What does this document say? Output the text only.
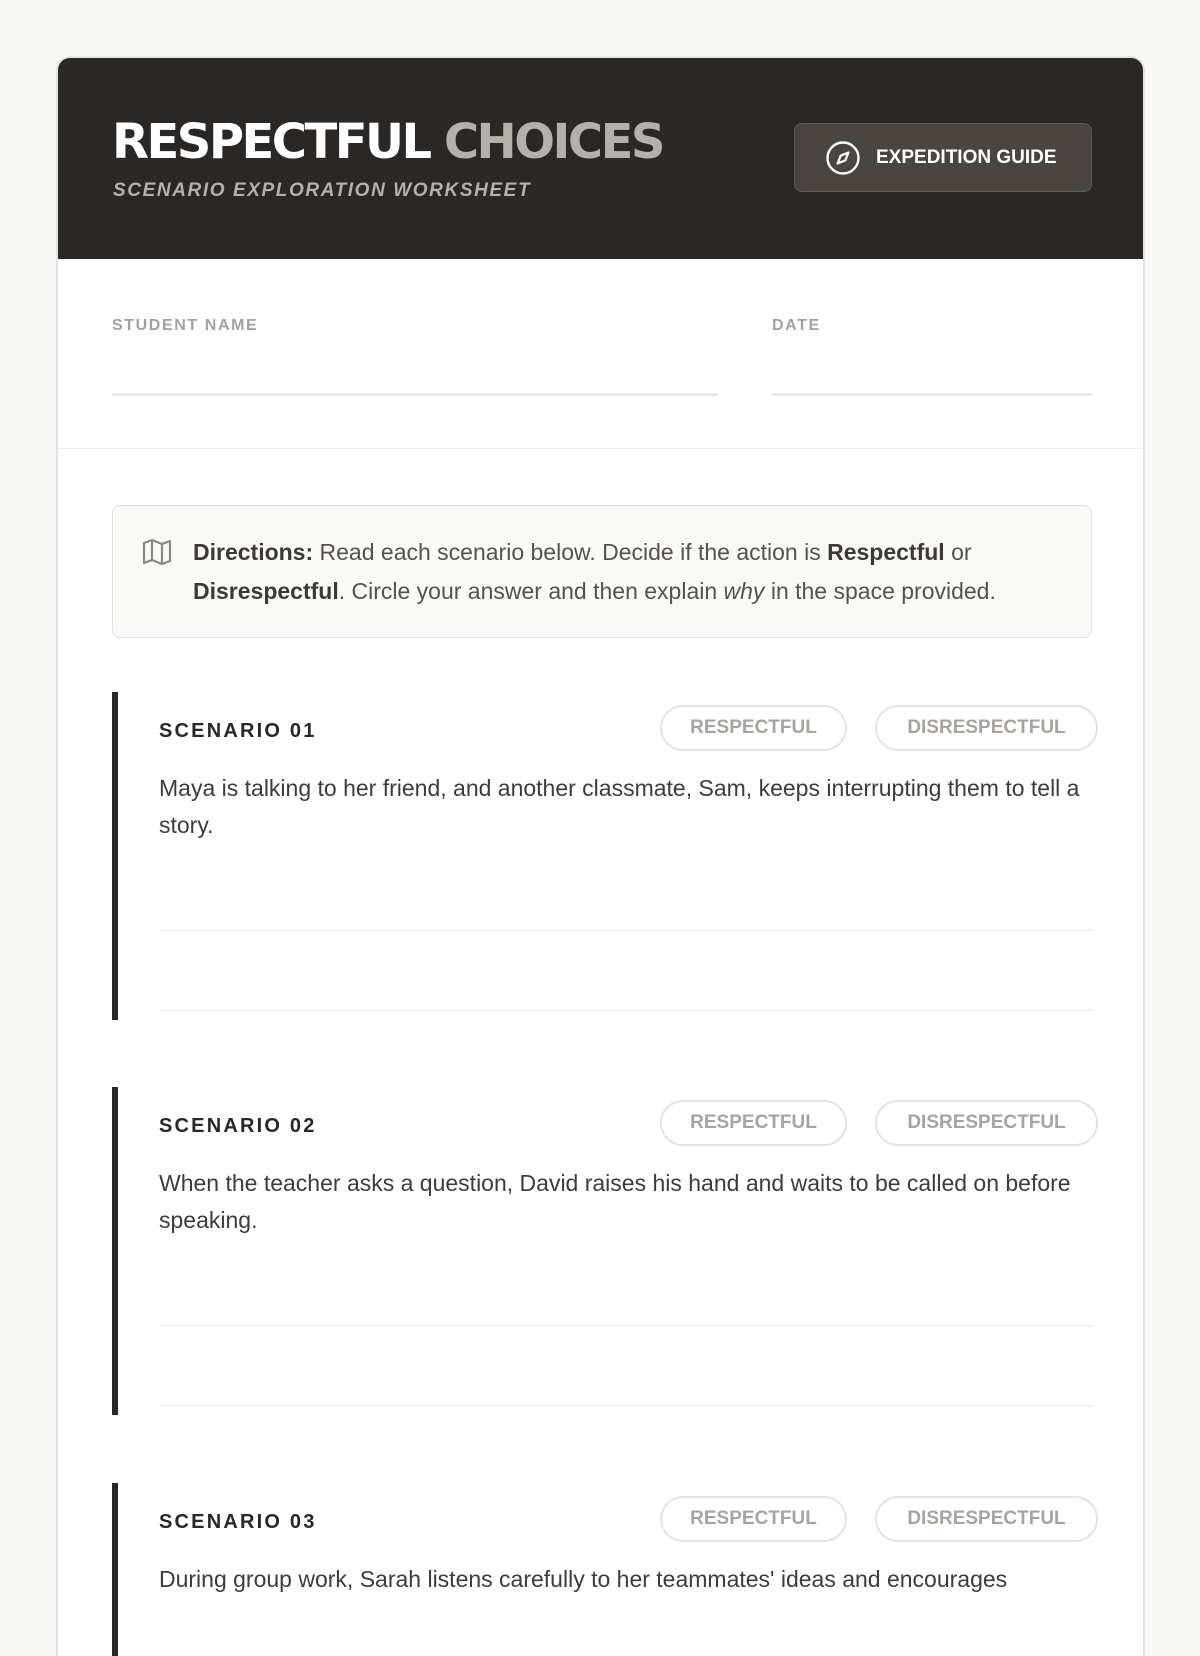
RESPECTFUL CHOICES
SCENARIO EXPLORATION WORKSHEET
EXPEDITION GUIDE
STUDENT NAME	DATE
Directions: Read each scenario below. Decide if the action is Respectful or Disrespectful. Circle your answer and then explain why in the space provided.
SCENARIO 01	RESPECTFUL	DISRESPECTFUL
Maya is talking to her friend, and another classmate, Sam, keeps interrupting them to tell a story.
SCENARIO 02	RESPECTFUL	DISRESPECTFUL
When the teacher asks a question, David raises his hand and waits to be called on before speaking.
SCENARIO 03	RESPECTFUL	DISRESPECTFUL
During group work, Sarah listens carefully to her teammates' ideas and encourages
